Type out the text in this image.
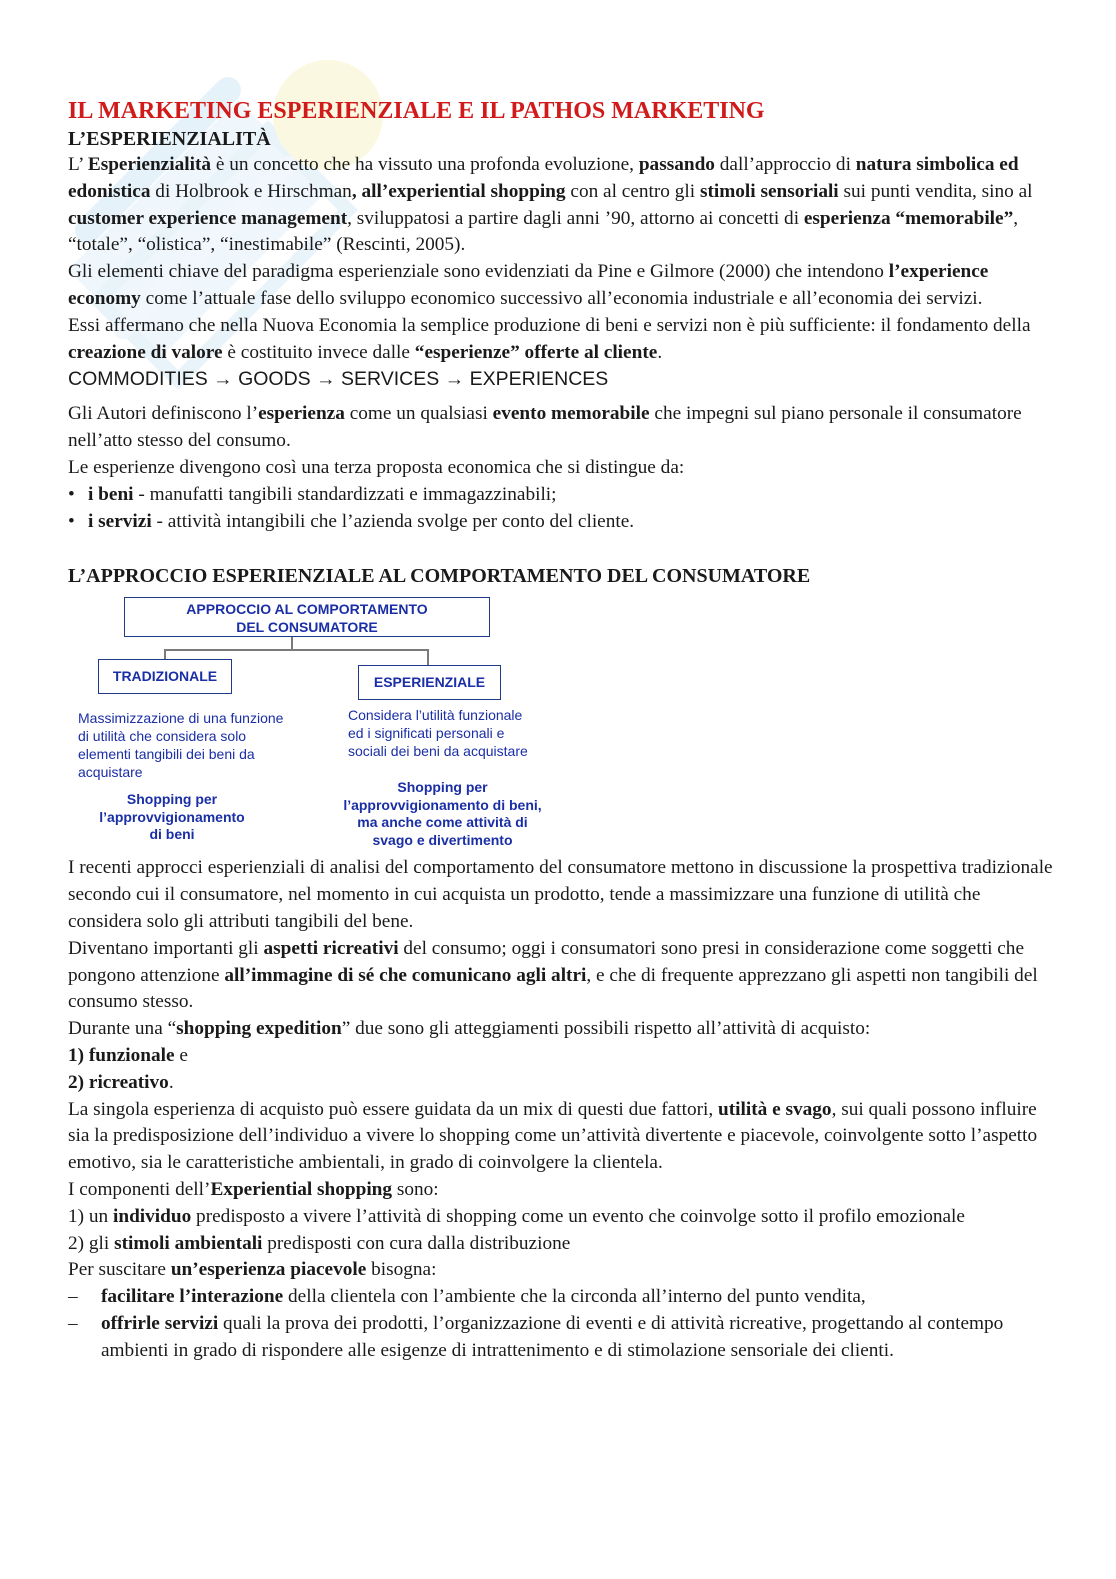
IL MARKETING ESPERIENZIALE E IL PATHOS MARKETING
L’ESPERIENZIALITÀ

L’ Esperienzialità è un concetto che ha vissuto una profonda evoluzione, passando dall’approccio di natura simbolica ed edonistica di Holbrook e Hirschman, all’experiential shopping con al centro gli stimoli sensoriali sui punti vendita, sino al customer experience management, sviluppatosi a partire dagli anni ’90, attorno ai concetti di esperienza “memorabile”, “totale”, “olistica”, “inestimabile” (Rescinti, 2005).

Gli elementi chiave del paradigma esperienziale sono evidenziati da Pine e Gilmore (2000) che intendono l’experience economy come l’attuale fase dello sviluppo economico successivo all’economia industriale e all’economia dei servizi.

Essi affermano che nella Nuova Economia la semplice produzione di beni e servizi non è più sufficiente: il fondamento della creazione di valore è costituito invece dalle “esperienze” offerte al cliente.

COMMODITIES → GOODS → SERVICES → EXPERIENCES

Gli Autori definiscono l’esperienza come un qualsiasi evento memorabile che impegni sul piano personale il consumatore nell’atto stesso del consumo.

Le esperienze divengono così una terza proposta economica che si distingue da:

• i beni - manufatti tangibili standardizzati e immagazzinabili;
• i servizi - attività intangibili che l’azienda svolge per conto del cliente.
L’APPROCCIO ESPERIENZIALE AL COMPORTAMENTO DEL CONSUMATORE
APPROCCIO AL COMPORTAMENTO
DEL CONSUMATORE
TRADIZIONALE	ESPERIENZIALE
Massimizzazione di una funzione
di utilità che considera solo
elementi tangibili dei beni da
acquistare
Considera l’utilità funzionale
ed i significati personali e
sociali dei beni da acquistare
Shopping per
l’approvvigionamento
di beni
Shopping per
l’approvvigionamento di beni,
ma anche come attività di
svago e divertimento

I recenti approcci esperienziali di analisi del comportamento del consumatore mettono in discussione la prospettiva tradizionale secondo cui il consumatore, nel momento in cui acquista un prodotto, tende a massimizzare una funzione di utilità che considera solo gli attributi tangibili del bene.

Diventano importanti gli aspetti ricreativi del consumo; oggi i consumatori sono presi in considerazione come soggetti che pongono attenzione all’immagine di sé che comunicano agli altri, e che di frequente apprezzano gli aspetti non tangibili del consumo stesso.

Durante una “shopping expedition” due sono gli atteggiamenti possibili rispetto all’attività di acquisto:

1) funzionale e

2) ricreativo.

La singola esperienza di acquisto può essere guidata da un mix di questi due fattori, utilità e svago, sui quali possono influire sia la predisposizione dell’individuo a vivere lo shopping come un’attività divertente e piacevole, coinvolgente sotto l’aspetto emotivo, sia le caratteristiche ambientali, in grado di coinvolgere la clientela.

I componenti dell’Experiential shopping sono:

1) un individuo predisposto a vivere l’attività di shopping come un evento che coinvolge sotto il profilo emozionale

2) gli stimoli ambientali predisposti con cura dalla distribuzione

Per suscitare un’esperienza piacevole bisogna:

– facilitare l’interazione della clientela con l’ambiente che la circonda all’interno del punto vendita,
– offrirle servizi quali la prova dei prodotti, l’organizzazione di eventi e di attività ricreative, progettando al contempo ambienti in grado di rispondere alle esigenze di intrattenimento e di stimolazione sensoriale dei clienti.
